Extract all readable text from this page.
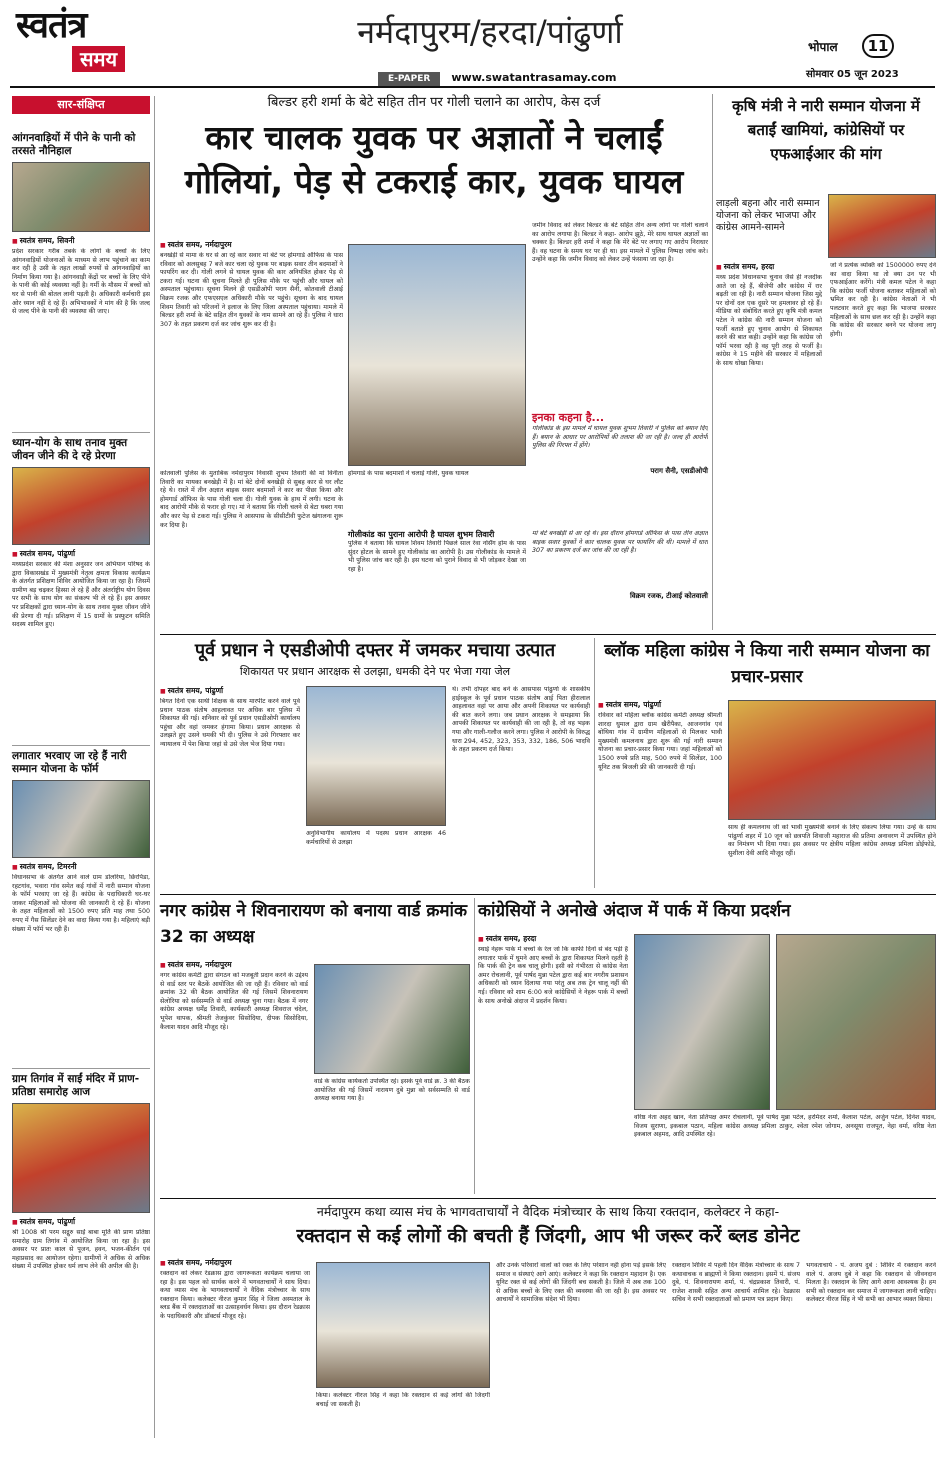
स्वतंत्र
समय
नर्मदापुरम/हरदा/पांढुर्णा
E-PAPER www.swatantrasamay.com
भोपाल	11
सोमवार 05 जून 2023
सार-संक्षिप्त
आंगनवाड़ियों में पीने के पानी को तरसते नौनिहाल
■ स्वतंत्र समय, सिवनी
प्रदेश सरकार गरीब तबके के लोगों के बच्चों के लिए आंगनवाड़ियों योजनाओं के माध्यम से लाभ पहुंचाने का काम कर रही है उसी के तहत लाखों रुपयों से आंगनवाड़ियों का निर्माण किया गया है। आंगनवाड़ी केंद्रों पर बच्चों के लिए पीने के पानी की कोई व्यवस्था नहीं है। गर्मी के मौसम में बच्चों को घर से पानी की बोतल लानी पड़ती है। अधिकारी कर्मचारी इस ओर ध्यान नहीं दे रहे हैं। अभिभावकों ने मांग की है कि जल्द से जल्द पीने के पानी की व्यवस्था की जाए।
ध्यान-योग के साथ तनाव मुक्त जीवन जीने की दे रहे प्रेरणा
■ स्वतंत्र समय, पांढुर्णा
मध्यप्रदेश सरकार की मंशा अनुसार जन अभियान परिषद के द्वारा विकासखंड में मुख्यमंत्री नेतृत्व क्षमता विकास कार्यक्रम के अंतर्गत प्रशिक्षण शिविर आयोजित किया जा रहा है। जिसमें ग्रामीण बड़ चढ़कर हिस्सा ले रहे हैं और अंतर्राष्ट्रीय योग दिवस पर सभी के साथ योग का संकल्प भी ले रहे हैं। इस अवसर पर प्रशिक्षकों द्वारा ध्यान-योग के साथ तनाव मुक्त जीवन जीने की प्रेरणा दी गई। प्रशिक्षण में 15 ग्रामों के प्रस्फुटन समिति सदस्य शामिल हुए।
लगातार भरवाए जा रहे हैं नारी सम्मान योजना के फॉर्म
■ स्वतंत्र समय, टिमरनी
विधानसभा के अंतर्गत आने वाले ग्राम डोलरिया, छिरपिंडा, रहटगांव, भवारा गांव समेत कई गांवों में नारी सम्मान योजना के फॉर्म भरवाए जा रहे हैं। कांग्रेस के पदाधिकारी घर-घर जाकर महिलाओं को योजना की जानकारी दे रहे हैं। योजना के तहत महिलाओं को 1500 रुपए प्रति माह तथा 500 रुपए में गैस सिलेंडर देने का वादा किया गया है। महिलाएं बड़ी संख्या में फॉर्म भर रही हैं।
ग्राम तिगांव में साईं मंदिर में प्राण-प्रतिष्ठा समारोह आज
■ स्वतंत्र समय, पांढुर्णा
श्री 1008 श्री परम सद्गुरु साईं बाबा मूर्ति की प्राण प्रतिष्ठा समारोह ग्राम तिगांव में आयोजित किया जा रहा है। इस अवसर पर प्रातः काल से पूजन, हवन, भजन-कीर्तन एवं महाप्रसाद का आयोजन रहेगा। ग्रामीणों ने अधिक से अधिक संख्या में उपस्थित होकर धर्म लाभ लेने की अपील की है।
बिल्डर हरी शर्मा के बेटे सहित तीन पर गोली चलाने का आरोप, केस दर्ज
कार चालक युवक पर अज्ञातों ने चलाईं
गोलियां, पेड़ से टकराई कार, युवक घायल
■ स्वतंत्र समय, नर्मदापुरम
बनखेड़ी से मामा के घर से आ रहे कार सवार मां बेटे पर होमगार्ड ऑफिस के पास रविवार को अलसुबह 7 बजे कार चला रहे युवक पर बाइक सवार तीन बदमाशों ने फायरिंग कर दी। गोली लगने से घायल युवक की कार अनियंत्रित होकर पेड़ से टकरा गई। घटना की सूचना मिलते ही पुलिस मौके पर पहुंची और घायल को अस्पताल पहुंचाया। सूचना मिलने ही एसडीओपी पराग सैनी, कोतवाली टीआई विक्रम रजक और एफएसएल अधिकारी मौके पर पहुंचे। सूचना के बाद घायल शिवम तिवारी को परिजनों ने इलाज के लिए जिला अस्पताल पहुंचाया। मामले में बिल्डर हरी शर्मा के बेटे सहित तीन युवकों के नाम सामने आ रहे हैं। पुलिस ने धारा 307 के तहत प्रकरण दर्ज कर जांच शुरू कर दी है।
कोतवाली पुलिस के मुताबिक नर्मदापुरम निवासी शुभम तिवारी की मां विनीता तिवारी का मायका बनखेड़ी में है। मां बेटे दोनों बनखेड़ी से सुबह कार से घर लौट रहे थे। रास्ते में तीन अज्ञात बाइक सवार बदमाशों ने कार का पीछा किया और होमगार्ड ऑफिस के पास गोली चला दी। गोली युवक के हाथ में लगी। घटना के बाद आरोपी मौके से फरार हो गए। मां ने बताया कि गोली चलने से बेटा घबरा गया और कार पेड़ से टकरा गई। पुलिस ने आसपास के सीसीटीवी फुटेज खंगालना शुरू कर दिया है।
होमगार्ड के पास बदमाशों ने चलाई गोली, युवक घायल
जमीन विवाद को लेकर बिल्डर के बेटे सहित तीन अन्य लोगों पर गोली चलाने का आरोप लगाया है। बिल्डर ने कहा- आरोप झूठे, मेरे साथ घायल अज्ञातों का चक्कर है। बिल्डर हरी शर्मा ने कहा कि मेरे बेटे पर लगाए गए आरोप निराधार हैं। वह घटना के समय घर पर ही था। इस मामले में पुलिस निष्पक्ष जांच करे। उन्होंने कहा कि जमीन विवाद को लेकर उन्हें फंसाया जा रहा है।
इनका कहना है...
गोलीकांड के इस मामले में घायल युवक शुभम तिवारी ने पुलिस को बयान दिए हैं। बयान के आधार पर आरोपियों की तलाश की जा रही है। जल्द ही आरोपी पुलिस की गिरफ्त में होंगे।
पराग सैनी, एसडीओपी
गोलीकांड का पुराना आरोपी है घायल शुभम तिवारी
पुलिस ने बताया कि घायल शिवम तिवारी पिछले साल रेवा नर्सिंग होम के पास सुंदर होटल के सामने हुए गोलीकांड का आरोपी है। उस गोलीकांड के मामले में भी पुलिस जांच कर रही है। इस घटना को पुराने विवाद से भी जोड़कर देखा जा रहा है।
मां बेटे बनखेड़ी से आ रहे थे। इस दौरान होमगार्ड ऑफिस के पास तीन अज्ञात बाइक सवार युवकों ने कार चालक युवक पर फायरिंग की थी। मामले में धारा 307 का प्रकरण दर्ज कर जांच की जा रही है।
विक्रम रजक, टीआई कोतवाली
कृषि मंत्री ने नारी सम्मान योजना में बताईं खामियां, कांग्रेसियों पर एफआईआर की मांग
लाड़ली बहना और नारी सम्मान योजना को लेकर भाजपा और कांग्रेस आमने-सामने
■ स्वतंत्र समय, हरदा
मध्य प्रदेश विधानसभा चुनाव जैसे ही नजदीक आते जा रहे हैं, बीजेपी और कांग्रेस में रार बढ़ती जा रही है। नारी सम्मान योजना जिस मुद्दे पर दोनों दल एक दूसरे पर हमलावर हो रहे हैं। मीडिया को संबोधित करते हुए कृषि मंत्री कमल पटेल ने कांग्रेस की नारी सम्मान योजना को फर्जी बताते हुए चुनाव आयोग से शिकायत करने की बात कही। उन्होंने कहा कि कांग्रेस जो फॉर्म भरवा रही है वह पूरी तरह से फर्जी है। कांग्रेस ने 15 महीने की सरकार में महिलाओं के साथ धोखा किया।
जो ने प्रत्येक व्यक्ति को 1500000 रुपए देने का वादा किया था तो क्या उन पर भी एफआईआर करेंगे। मंत्री कमल पटेल ने कहा कि कांग्रेस फर्जी योजना बताकर महिलाओं को भ्रमित कर रही है। कांग्रेस नेताओं ने भी पलटवार करते हुए कहा कि भाजपा सरकार महिलाओं के साथ छल कर रही है। उन्होंने कहा कि कांग्रेस की सरकार बनने पर योजना लागू होगी।
पूर्व प्रधान ने एसडीओपी दफ्तर में जमकर मचाया उत्पात
शिकायत पर प्रधान आरक्षक से उलझा, धमकी देने पर भेजा गया जेल
■ स्वतंत्र समय, पांढुर्णा
बिगत दिनों एक साथी शिक्षक के साथ मारपीट करने वाले पूर्व प्रधान पाठक संतोष आहलावत पर अधिक बार पुलिस में शिकायत की गई। शनिवार को पूर्व प्रधान एसडीओपी कार्यालय पहुंचा और वहां जमकर हंगामा किया। प्रधान आरक्षक से उलझते हुए उसने धमकी भी दी। पुलिस ने उसे गिरफ्तार कर न्यायालय में पेश किया जहां से उसे जेल भेज दिया गया।
अनुविभागीय कार्यालय में पदस्थ प्रधान आरक्षक 46 कर्मचारियों से उलझा
थे। तभी दोपहर बाद बने के आसपास पांढुर्णा के शासकीय हाईस्कूल के पूर्व प्रधान पाठक संतोष आई पिता हीरालाल आहलावत वहां पर आया और अपनी शिकायत पर कार्यवाही की बात करने लगा। जब प्रधान आरक्षक ने समझाया कि आपकी शिकायत पर कार्यवाही की जा रही है, तो वह भड़क गया और गाली-गलौज करने लगा। पुलिस ने आरोपी के विरुद्ध धारा 294, 452, 323, 353, 332, 186, 506 भादवि के तहत प्रकरण दर्ज किया।
ब्लॉक महिला कांग्रेस ने किया नारी सम्मान योजना का प्रचार-प्रसार
■ स्वतंत्र समय, पांढुर्णा
रविवार को महिला ब्लॉक कांग्रेस कमेटी अध्यक्ष श्रीमती शारदा धुमाल द्वारा ग्राम खैरीपैका, आजनगांव एवं बोथिया गांव में ग्रामीण महिलाओं से मिलकर भावी मुख्यमंत्री कमलनाथ द्वारा शुरू की गई नारी सम्मान योजना का प्रचार-प्रसार किया गया। जहां महिलाओं को 1500 रुपये प्रति माह, 500 रुपये में सिलेंडर, 100 यूनिट तक बिजली फ्री की जानकारी दी गई।
साथ ही कमलनाथ जी को भावी मुख्यमंत्री बनाने के लिए संकल्प लिया गया। उन्हें के साथ पांढुर्णा शहर में 10 जून को छत्रपति शिवाजी महाराज की प्रतिमा अनावरण में उपस्थित होने का निमंत्रण भी दिया गया। इस अवसर पर क्षेत्रीय महिला कांग्रेस अध्यक्ष प्रमिला डोईफोडे, सुशीला देवी आदि मौजूद रहीं।
नगर कांग्रेस ने शिवनारायण को बनाया वार्ड क्रमांक 32 का अध्यक्ष
■ स्वतंत्र समय, नर्मदापुरम
नगर कांग्रेस कमेटी द्वारा संगठन को मजबूती प्रदान करने के उद्देश्य से वार्ड स्तर पर बैठकें आयोजित की जा रही हैं। रविवार को वार्ड क्रमांक 32 की बैठक आयोजित की गई जिसमें शिवनारायण सेलोरिया को सर्वसम्मति से वार्ड अध्यक्ष चुना गया। बैठक में नगर कांग्रेस अध्यक्ष धर्मेंद्र तिवारी, कार्यकारी अध्यक्ष शिवराज चंदेल, भूपेश थापक, श्रीमती तेजकुंवर सिसोदिया, दीपक सिसोदिया, कैलाश यादव आदि मौजूद रहे।
वार्ड के कांग्रेस कार्यकर्ता उपस्थित रहे। इसके पूर्व वार्ड क्र. 3 की बैठक आयोजित की गई जिसमें नारायण दुबे मुन्ना को सर्वसम्मति से वार्ड अध्यक्ष बनाया गया है।
कांग्रेसियों ने अनोखे अंदाज में पार्क में किया प्रदर्शन
■ स्वतंत्र समय, हरदा
स्थाई नेहरू पार्क में बच्चों के रेल जो कि काफी दिनों से बंद पड़ी है लगातार पार्क में घूमने आए बच्चों के द्वारा शिकायत मिलने रहती है कि पार्क की ट्रेन कब चालू होगी। इसी को गंभीरता से कांग्रेस नेता अमर रोचलानी, पूर्व पार्षद मुन्ना पटेल द्वारा कई बार नगरीय प्रशासन अधिकारी को ध्यान दिलाया गया परंतु अब तक ट्रेन चालू नहीं की गई। रविवार को शाम 6:00 बजे कांग्रेसियों ने नेहरू पार्क में बच्चों के साथ अनोखे अंदाज में प्रदर्शन किया।
वरिष्ठ नेता अहद खान, नेता प्रतिपक्ष अमर रोचलानी, पूर्व पार्षद मुन्ना पटेल, हरमिंदर शर्मा, कैलाश पटेल, अर्जुन पटेल, दिनेश यादव, विजय सुराणा, इकबाल पठान, महिला कांग्रेस अध्यक्ष प्रमिला ठाकुर, श्वेता रमेश जोगाम, अनसूया राजपूत, नेहा वर्मा, वरिष्ठ नेता इकबाल अहमद, आदि उपस्थित रहे।
नर्मदापुरम कथा व्यास मंच के भागवताचार्यों ने वैदिक मंत्रोच्चार के साथ किया रक्तदान, कलेक्टर ने कहा-
रक्तदान से कई लोगों की बचती हैं जिंदगी, आप भी जरूर करें ब्लड डोनेट
■ स्वतंत्र समय, नर्मदापुरम
रक्तदान को लेकर रेडक्रास द्वारा जागरूकता कार्यक्रम चलाया जा रहा है। इस पहल को सार्थक करने में भगवताचार्यों ने साथ दिया। कथा व्यास मंच के भागवताचार्यों ने वैदिक मंत्रोच्चार के साथ रक्तदान किया। कलेक्टर नीरज कुमार सिंह ने जिला अस्पताल के ब्लड बैंक में रक्तदाताओं का उत्साहवर्धन किया। इस दौरान रेडक्रास के पदाधिकारी और डॉक्टर्स मौजूद रहे।
किया। कलेक्टर नीरज सिंह ने कहा कि रक्तदान से कई लोगों की जिंदगी बचाई जा सकती है।
और उनके परिवारों वालों को रक्त के लिए परेशान नहीं होना पड़े इसके लिए समाज व संस्थाएं आगे आएं। कलेक्टर ने कहा कि रक्तदान महादान है। एक यूनिट रक्त से कई लोगों की जिंदगी बच सकती है। जिले में अब तक 100 से अधिक बच्चों के लिए रक्त की व्यवस्था की जा रही है। इस अवसर पर आचार्यों ने सामाजिक संदेश भी दिया।
रक्तदान शिविर में पहली दिन वैदिक मंत्रोच्चार के साथ 7 कथावाचक व ब्राह्मणों ने किया रक्तदान। इसमें पं. संजय दुबे, पं. शिवनारायण शर्मा, पं. चंद्रप्रकाश तिवारी, पं. राजेश शास्त्री सहित अन्य आचार्य शामिल रहे। रेडक्रास सचिव ने सभी रक्तदाताओं को प्रमाण पत्र प्रदान किए।
भगवताचार्य - पं. अजय दुबे : शिविर में रक्तदान करने वाले पं. अजय दुबे ने कहा कि रक्तदान से जीवनदान मिलता है। रक्तदान के लिए आगे आना आवश्यक है। हम सभी को रक्तदान कर समाज में जागरूकता लानी चाहिए। कलेक्टर नीरज सिंह ने भी सभी का आभार व्यक्त किया।
